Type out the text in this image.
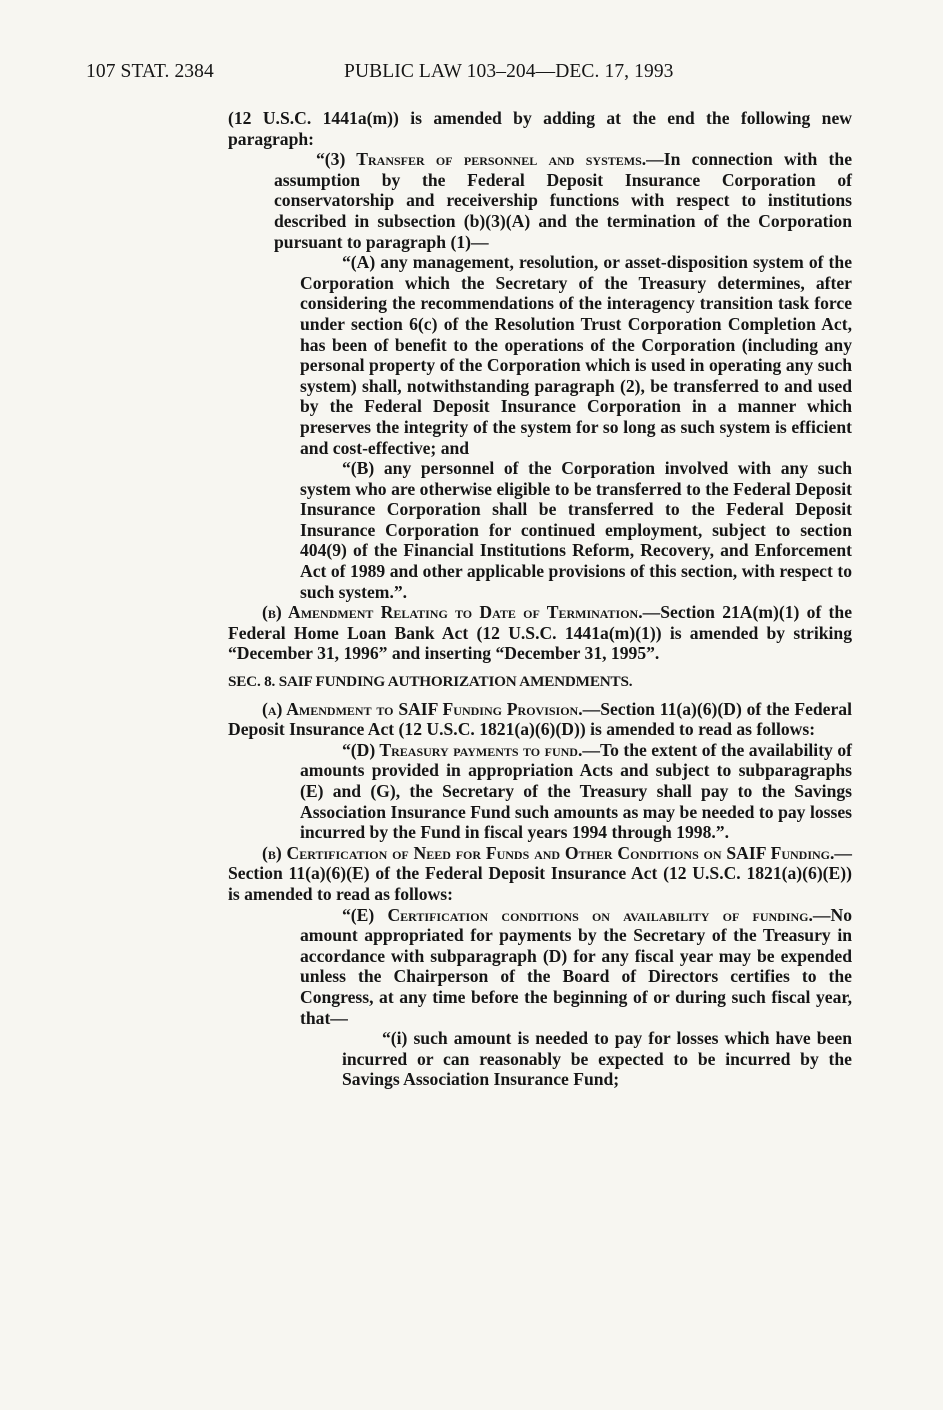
107 STAT. 2384	PUBLIC LAW 103–204—DEC. 17, 1993

(12 U.S.C. 1441a(m)) is amended by adding at the end the following new paragraph:

“(3) Transfer of personnel and systems.—In connection with the assumption by the Federal Deposit Insurance Corporation of conservatorship and receivership functions with respect to institutions described in subsection (b)(3)(A) and the termination of the Corporation pursuant to paragraph (1)—

“(A) any management, resolution, or asset-disposition system of the Corporation which the Secretary of the Treasury determines, after considering the recommendations of the interagency transition task force under section 6(c) of the Resolution Trust Corporation Completion Act, has been of benefit to the operations of the Corporation (including any personal property of the Corporation which is used in operating any such system) shall, notwithstanding paragraph (2), be transferred to and used by the Federal Deposit Insurance Corporation in a manner which preserves the integrity of the system for so long as such system is efficient and cost-effective; and

“(B) any personnel of the Corporation involved with any such system who are otherwise eligible to be transferred to the Federal Deposit Insurance Corporation shall be transferred to the Federal Deposit Insurance Corporation for continued employment, subject to section 404(9) of the Financial Institutions Reform, Recovery, and Enforcement Act of 1989 and other applicable provisions of this section, with respect to such system.”.

(b) Amendment Relating to Date of Termination.—Section 21A(m)(1) of the Federal Home Loan Bank Act (12 U.S.C. 1441a(m)(1)) is amended by striking “December 31, 1996” and inserting “December 31, 1995”.

SEC. 8. SAIF FUNDING AUTHORIZATION AMENDMENTS.

(a) Amendment to SAIF Funding Provision.—Section 11(a)(6)(D) of the Federal Deposit Insurance Act (12 U.S.C. 1821(a)(6)(D)) is amended to read as follows:

“(D) Treasury payments to fund.—To the extent of the availability of amounts provided in appropriation Acts and subject to subparagraphs (E) and (G), the Secretary of the Treasury shall pay to the Savings Association Insurance Fund such amounts as may be needed to pay losses incurred by the Fund in fiscal years 1994 through 1998.”.

(b) Certification of Need for Funds and Other Conditions on SAIF Funding.—Section 11(a)(6)(E) of the Federal Deposit Insurance Act (12 U.S.C. 1821(a)(6)(E)) is amended to read as follows:

“(E) Certification conditions on availability of funding.—No amount appropriated for payments by the Secretary of the Treasury in accordance with subparagraph (D) for any fiscal year may be expended unless the Chairperson of the Board of Directors certifies to the Congress, at any time before the beginning of or during such fiscal year, that—

“(i) such amount is needed to pay for losses which have been incurred or can reasonably be expected to be incurred by the Savings Association Insurance Fund;
